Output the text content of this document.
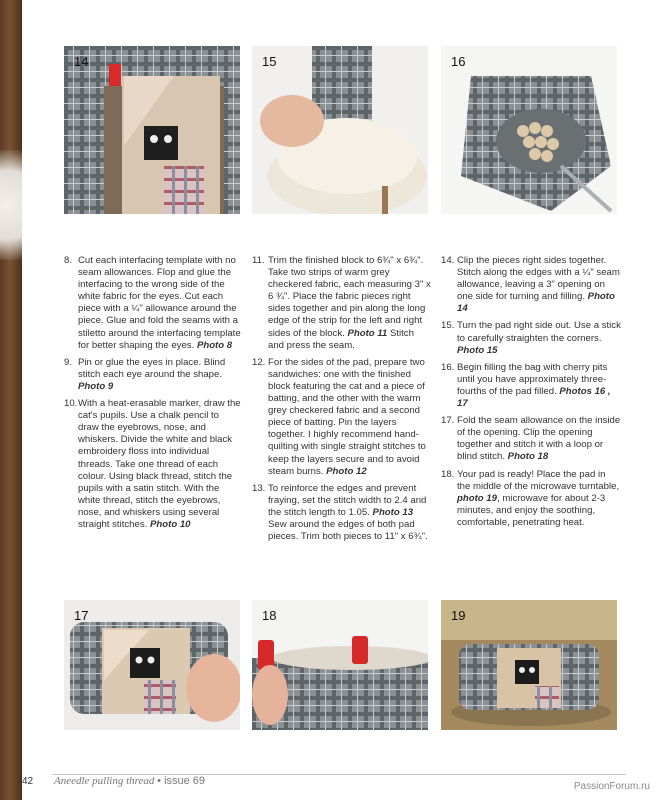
14	15	16
8. Cut each interfacing template with no seam allowances. Flop and glue the interfacing to the wrong side of the white fabric for the eyes. Cut each piece with a ¼" allowance around the piece. Glue and fold the seams with a stiletto around the interfacing template for better shaping the eyes. Photo 8
9. Pin or glue the eyes in place. Blind stitch each eye around the shape. Photo 9
10. With a heat-erasable marker, draw the cat's pupils. Use a chalk pencil to draw the eyebrows, nose, and whiskers. Divide the white and black embroidery floss into individual threads. Take one thread of each colour. Using black thread, stitch the pupils with a satin stitch. With the white thread, stitch the eyebrows, nose, and whiskers using several straight stitches. Photo 10
11. Trim the finished block to 6¾" x 6¾". Take two strips of warm grey checkered fabric, each measuring 3" x 6 ¾". Place the fabric pieces right sides together and pin along the long edge of the strip for the left and right sides of the block. Photo 11 Stitch and press the seam.
12. For the sides of the pad, prepare two sandwiches: one with the finished block featuring the cat and a piece of batting, and the other with the warm grey checkered fabric and a second piece of batting. Pin the layers together. I highly recommend hand-quilting with single straight stitches to keep the layers secure and to avoid steam burns. Photo 12
13. To reinforce the edges and prevent fraying, set the stitch width to 2.4 and the stitch length to 1.05. Photo 13 Sew around the edges of both pad pieces. Trim both pieces to 11" x 6¾".
14. Clip the pieces right sides together. Stitch along the edges with a ¼" seam allowance, leaving a 3" opening on one side for turning and filling. Photo 14
15. Turn the pad right side out. Use a stick to carefully straighten the corners. Photo 15
16. Begin filling the bag with cherry pits until you have approximately three-fourths of the pad filled. Photos 16 , 17
17. Fold the seam allowance on the inside of the opening. Clip the opening together and stitch it with a loop or blind stitch. Photo 18
18. Your pad is ready! Place the pad in the middle of the microwave turntable, photo 19, microwave for about 2-3 minutes, and enjoy the soothing, comfortable, penetrating heat.
17	18	19
42 Aneedle pulling thread • issue 69	PassionForum.ru
